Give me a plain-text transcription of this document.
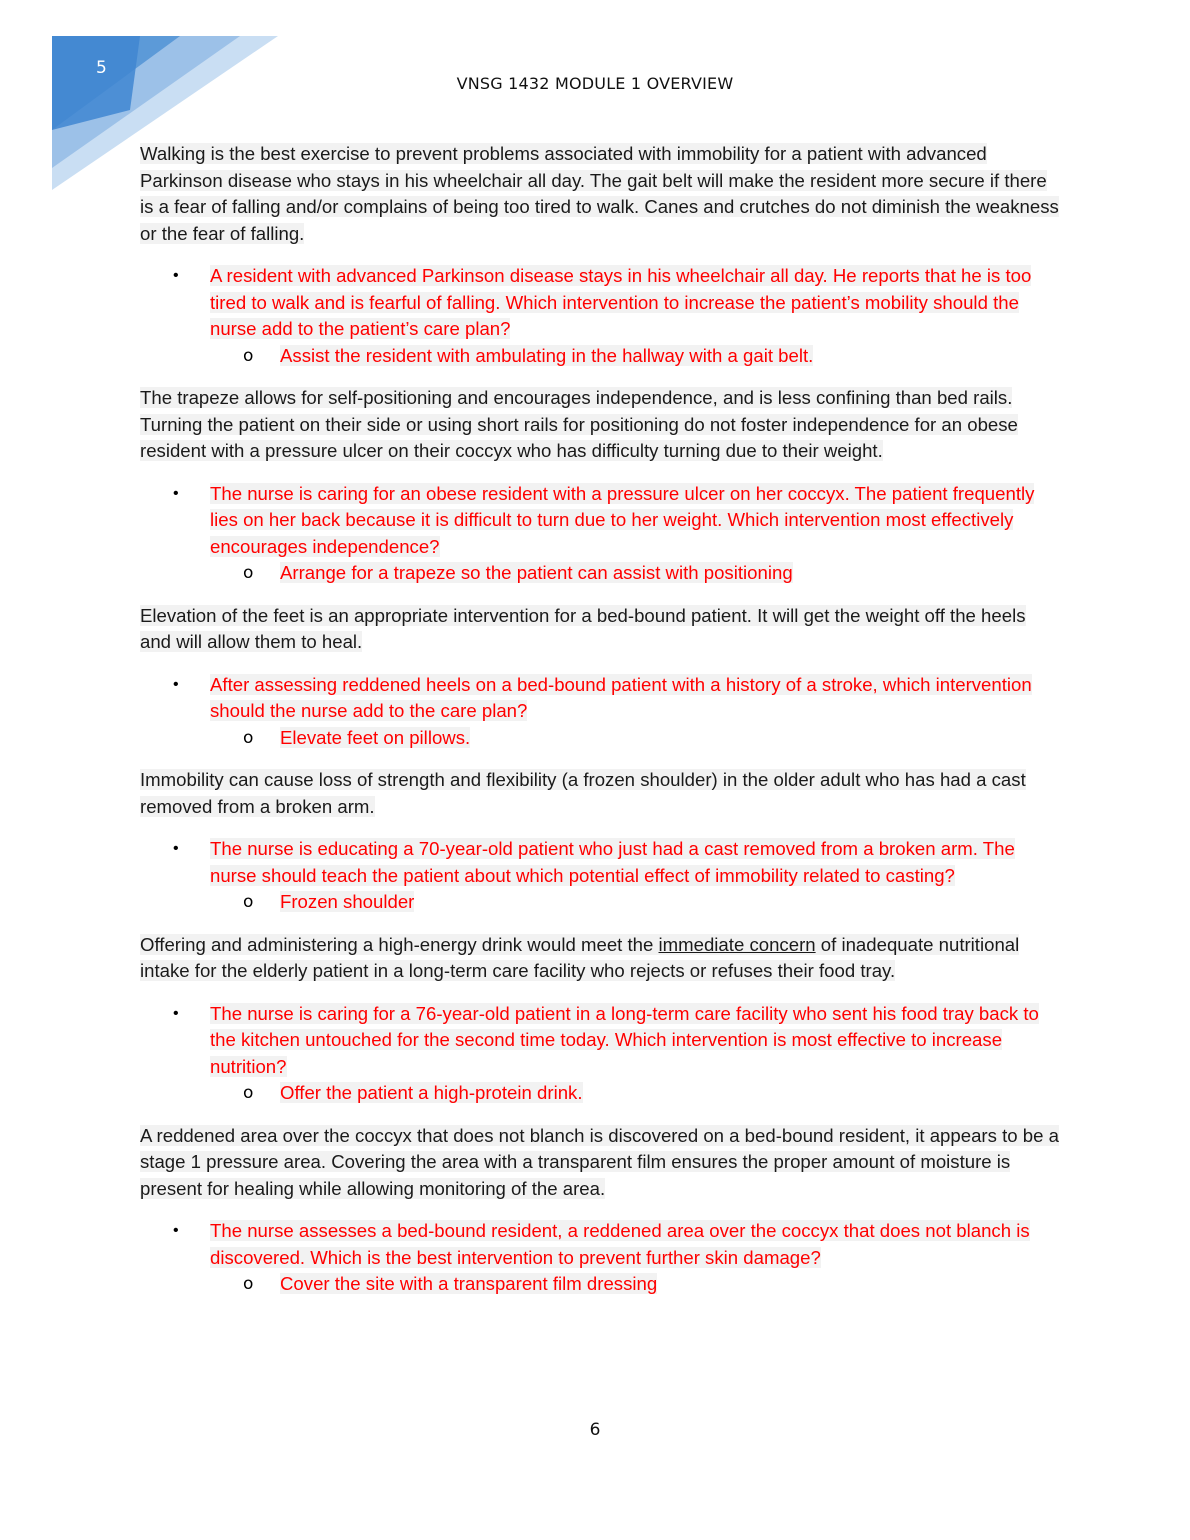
5
VNSG 1432 MODULE 1 OVERVIEW

Walking is the best exercise to prevent problems associated with immobility for a patient with advanced Parkinson disease who stays in his wheelchair all day. The gait belt will make the resident more secure if there is a fear of falling and/or complains of being too tired to walk. Canes and crutches do not diminish the weakness or the fear of falling.

• A resident with advanced Parkinson disease stays in his wheelchair all day. He reports that he is too tired to walk and is fearful of falling. Which intervention to increase the patient’s mobility should the nurse add to the patient’s care plan?
o Assist the resident with ambulating in the hallway with a gait belt.

The trapeze allows for self-positioning and encourages independence, and is less confining than bed rails. Turning the patient on their side or using short rails for positioning do not foster independence for an obese resident with a pressure ulcer on their coccyx who has difficulty turning due to their weight.

• The nurse is caring for an obese resident with a pressure ulcer on her coccyx. The patient frequently lies on her back because it is difficult to turn due to her weight. Which intervention most effectively encourages independence?
o Arrange for a trapeze so the patient can assist with positioning

Elevation of the feet is an appropriate intervention for a bed-bound patient. It will get the weight off the heels and will allow them to heal.

• After assessing reddened heels on a bed-bound patient with a history of a stroke, which intervention should the nurse add to the care plan?
o Elevate feet on pillows.

Immobility can cause loss of strength and flexibility (a frozen shoulder) in the older adult who has had a cast removed from a broken arm.

• The nurse is educating a 70-year-old patient who just had a cast removed from a broken arm. The nurse should teach the patient about which potential effect of immobility related to casting?
o Frozen shoulder

Offering and administering a high-energy drink would meet the immediate concern of inadequate nutritional intake for the elderly patient in a long-term care facility who rejects or refuses their food tray.

• The nurse is caring for a 76-year-old patient in a long-term care facility who sent his food tray back to the kitchen untouched for the second time today. Which intervention is most effective to increase nutrition?
o Offer the patient a high-protein drink.

A reddened area over the coccyx that does not blanch is discovered on a bed-bound resident, it appears to be a stage 1 pressure area. Covering the area with a transparent film ensures the proper amount of moisture is present for healing while allowing monitoring of the area.

• The nurse assesses a bed-bound resident, a reddened area over the coccyx that does not blanch is discovered. Which is the best intervention to prevent further skin damage?
o Cover the site with a transparent film dressing
6
